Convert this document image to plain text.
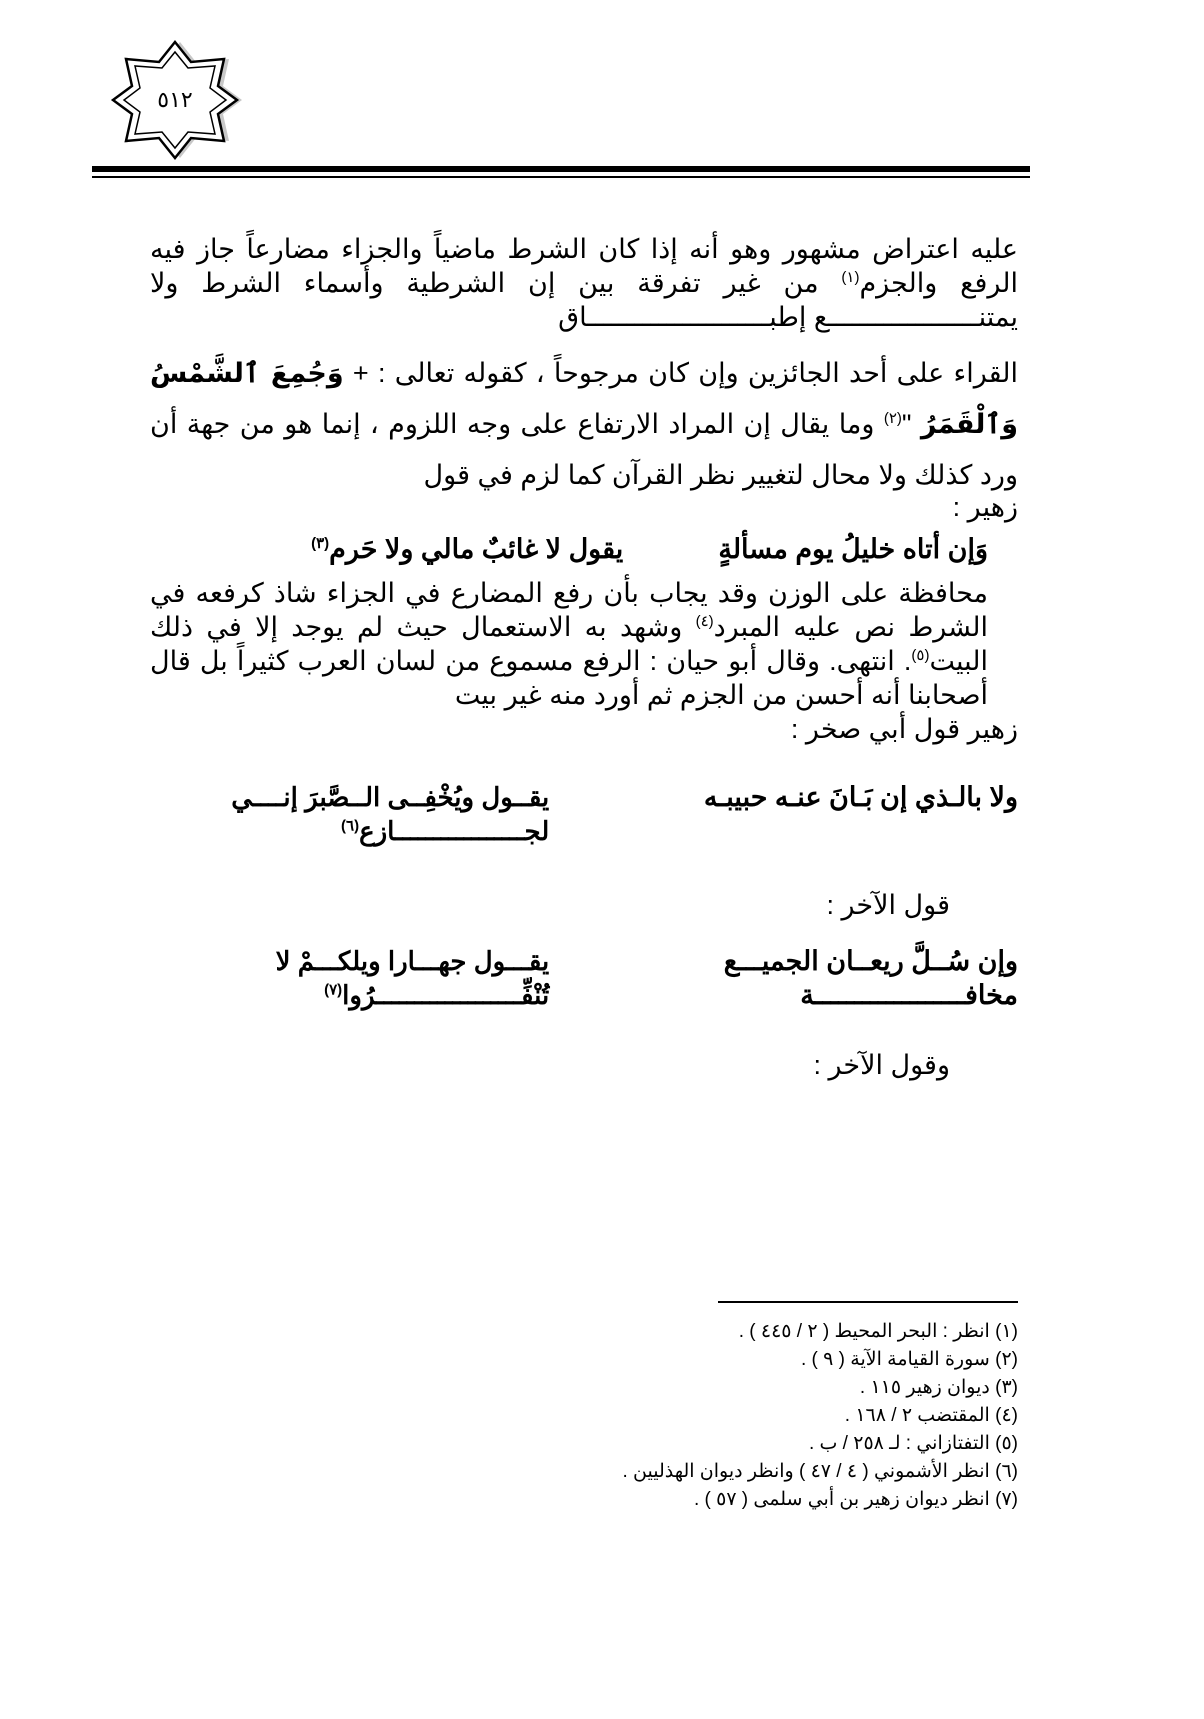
٥١٢

عليه اعتراض مشهور وهو أنه إذا كان الشرط ماضياً والجزاء مضارعاً جاز فيه الرفع والجزم$^{(١)}$ من غير تفرقة بين إن الشرطية وأسماء الشرط ولا يمتنـــــــــــــــــــع إطبـــــــــــــــــــــــاق

القراء على أحد الجائزين وإن كان مرجوحاً ، كقوله تعالى : + وَجُمِعَ ٱلشَّمْسُ وَٱلْقَمَرُ "$^{(٢)}$ وما يقال إن المراد الارتفاع على وجه اللزوم ، إنما هو من جهة أن ورد كذلك ولا محال لتغيير نظر القرآن كما لزم في قول

زهير :

وَإن أتاه خليلُ يوم مسألةٍ  يقول لا غائبٌ مالي ولا حَرم$^{(٣)}$

محافظة على الوزن وقد يجاب بأن رفع المضارع في الجزاء شاذ كرفعه في الشرط نص عليه المبرد$^{(٤)}$ وشهد به الاستعمال حيث لم يوجد إلا في ذلك البيت$^{(٥)}$. انتهى. وقال أبو حيان : الرفع مسموع من لسان العرب كثيراً بل قال أصحابنا أنه أحسن من الجزم ثم أورد منه غير بيت

زهير قول أبي صخر :

ولا بالـذي إن بَـانَ عنـه حبيبـه
يقــول ويُخْفِــى الــصَّبرَ إنــــي لجـــــــــــــــــازع$^{(٦)}$

قول الآخر :

وإن سُــلَّ ريعــان الجميـــع مخافـــــــــــــــــــة
يقـــول جهـــارا ويلكـــمْ لا تُنْفِّـــــــــــــــــــرُوا$^{(٧)}$

وقول الآخر :

(١) انظر : البحر المحيط ( ٢ / ٤٤٥ ) .
(٢) سورة القيامة الآية ( ٩ ) .
(٣) ديوان زهير ١١٥ .
(٤) المقتضب ٢ / ١٦٨ .
(٥) التفتازاني : لـ ٢٥٨ / ب .
(٦) انظر الأشموني ( ٤ / ٤٧ ) وانظر ديوان الهذليين .
(٧) انظر ديوان زهير بن أبي سلمى ( ٥٧ ) .
